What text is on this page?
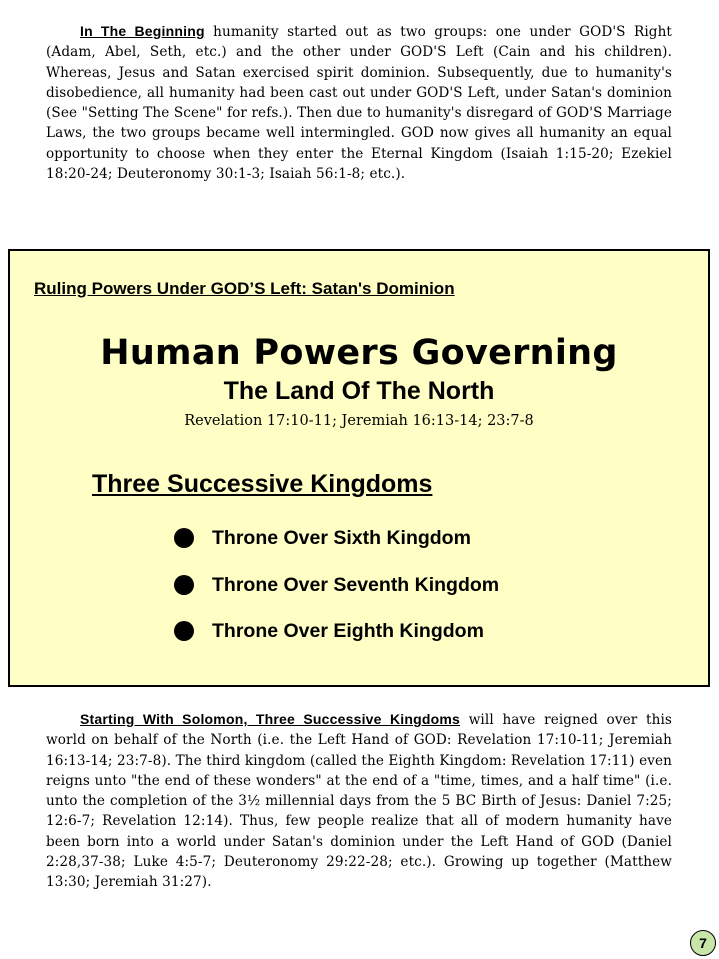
In The Beginning humanity started out as two groups: one under GOD'S Right (Adam, Abel, Seth, etc.) and the other under GOD'S Left (Cain and his children). Whereas, Jesus and Satan exercised spirit dominion. Subsequently, due to humanity's disobedience, all humanity had been cast out under GOD'S Left, under Satan's dominion (See "Setting The Scene" for refs.). Then due to humanity's disregard of GOD'S Marriage Laws, the two groups became well intermingled. GOD now gives all humanity an equal opportunity to choose when they enter the Eternal Kingdom (Isaiah 1:15-20; Ezekiel 18:20-24; Deuteronomy 30:1-3; Isaiah 56:1-8; etc.).
Ruling Powers Under GOD’S Left: Satan's Dominion
Human Powers Governing
The Land Of The North
Revelation 17:10-11; Jeremiah 16:13-14; 23:7-8
Three Successive Kingdoms
Throne Over Sixth Kingdom
Throne Over Seventh Kingdom
Throne Over Eighth Kingdom
Starting With Solomon, Three Successive Kingdoms will have reigned over this world on behalf of the North (i.e. the Left Hand of GOD: Revelation 17:10-11; Jeremiah 16:13-14; 23:7-8). The third kingdom (called the Eighth Kingdom: Revelation 17:11) even reigns unto "the end of these wonders" at the end of a "time, times, and a half time" (i.e. unto the completion of the 3½ millennial days from the 5 BC Birth of Jesus: Daniel 7:25; 12:6-7; Revelation 12:14). Thus, few people realize that all of modern humanity have been born into a world under Satan's dominion under the Left Hand of GOD (Daniel 2:28,37-38; Luke 4:5-7; Deuteronomy 29:22-28; etc.). Growing up together (Matthew 13:30; Jeremiah 31:27).
7
